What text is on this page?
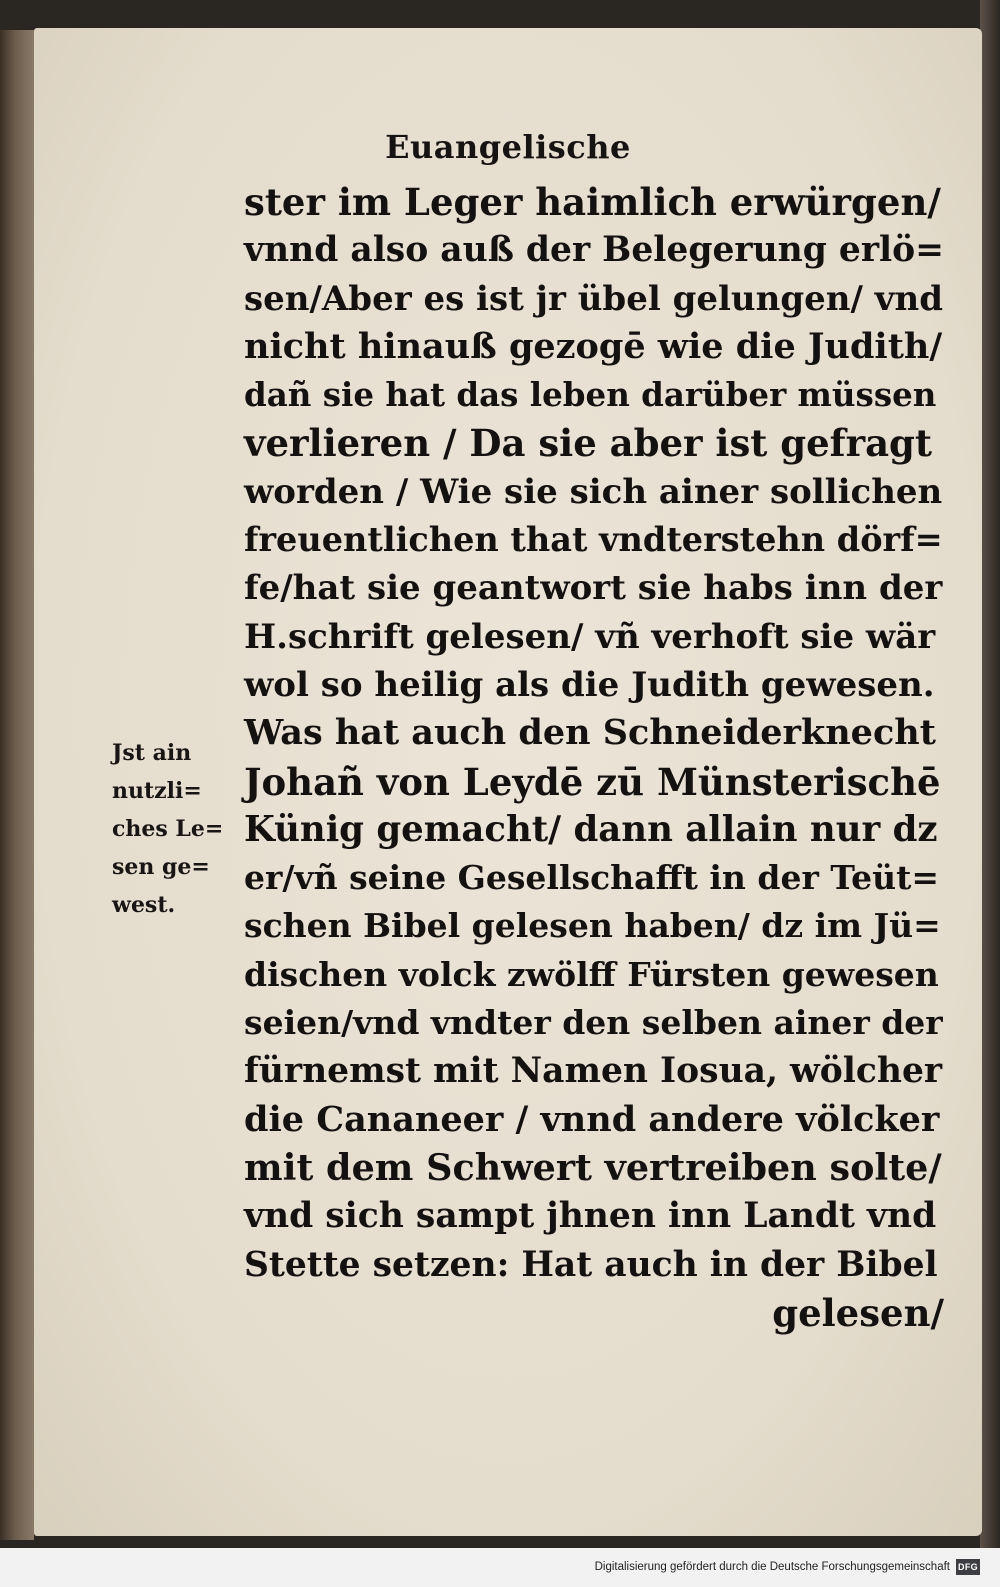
Euangelische
Jst ain
nutzli=
ches Le=
sen ge=
west.
ster im Leger haimlich erwürgen/
vnnd also auß der Belegerung erlö=
sen/Aber es ist jr übel gelungen/ vnd
nicht hinauß gezogē wie die Judith/
dañ sie hat das leben darüber müssen
verlieren / Da sie aber ist gefragt
worden / Wie sie sich ainer sollichen
freuentlichen that vndterstehn dörf=
fe/hat sie geantwort sie habs inn der
H.schrift gelesen/ vñ verhoft sie wär
wol so heilig als die Judith gewesen.
Was hat auch den Schneiderknecht
Johañ von Leydē zū Münsterischē
Künig gemacht/ dann allain nur dz
er/vñ seine Gesellschafft in der Teüt=
schen Bibel gelesen haben/ dz im Jü=
dischen volck zwölff Fürsten gewesen
seien/vnd vndter den selben ainer der
fürnemst mit Namen Iosua, wölcher
die Cananeer / vnnd andere völcker
mit dem Schwert vertreiben solte/
vnd sich sampt jhnen inn Landt vnd
Stette setzen: Hat auch in der Bibel
gelesen/
Digitalisierung gefördert durch die Deutsche Forschungsgemeinschaft DFG
